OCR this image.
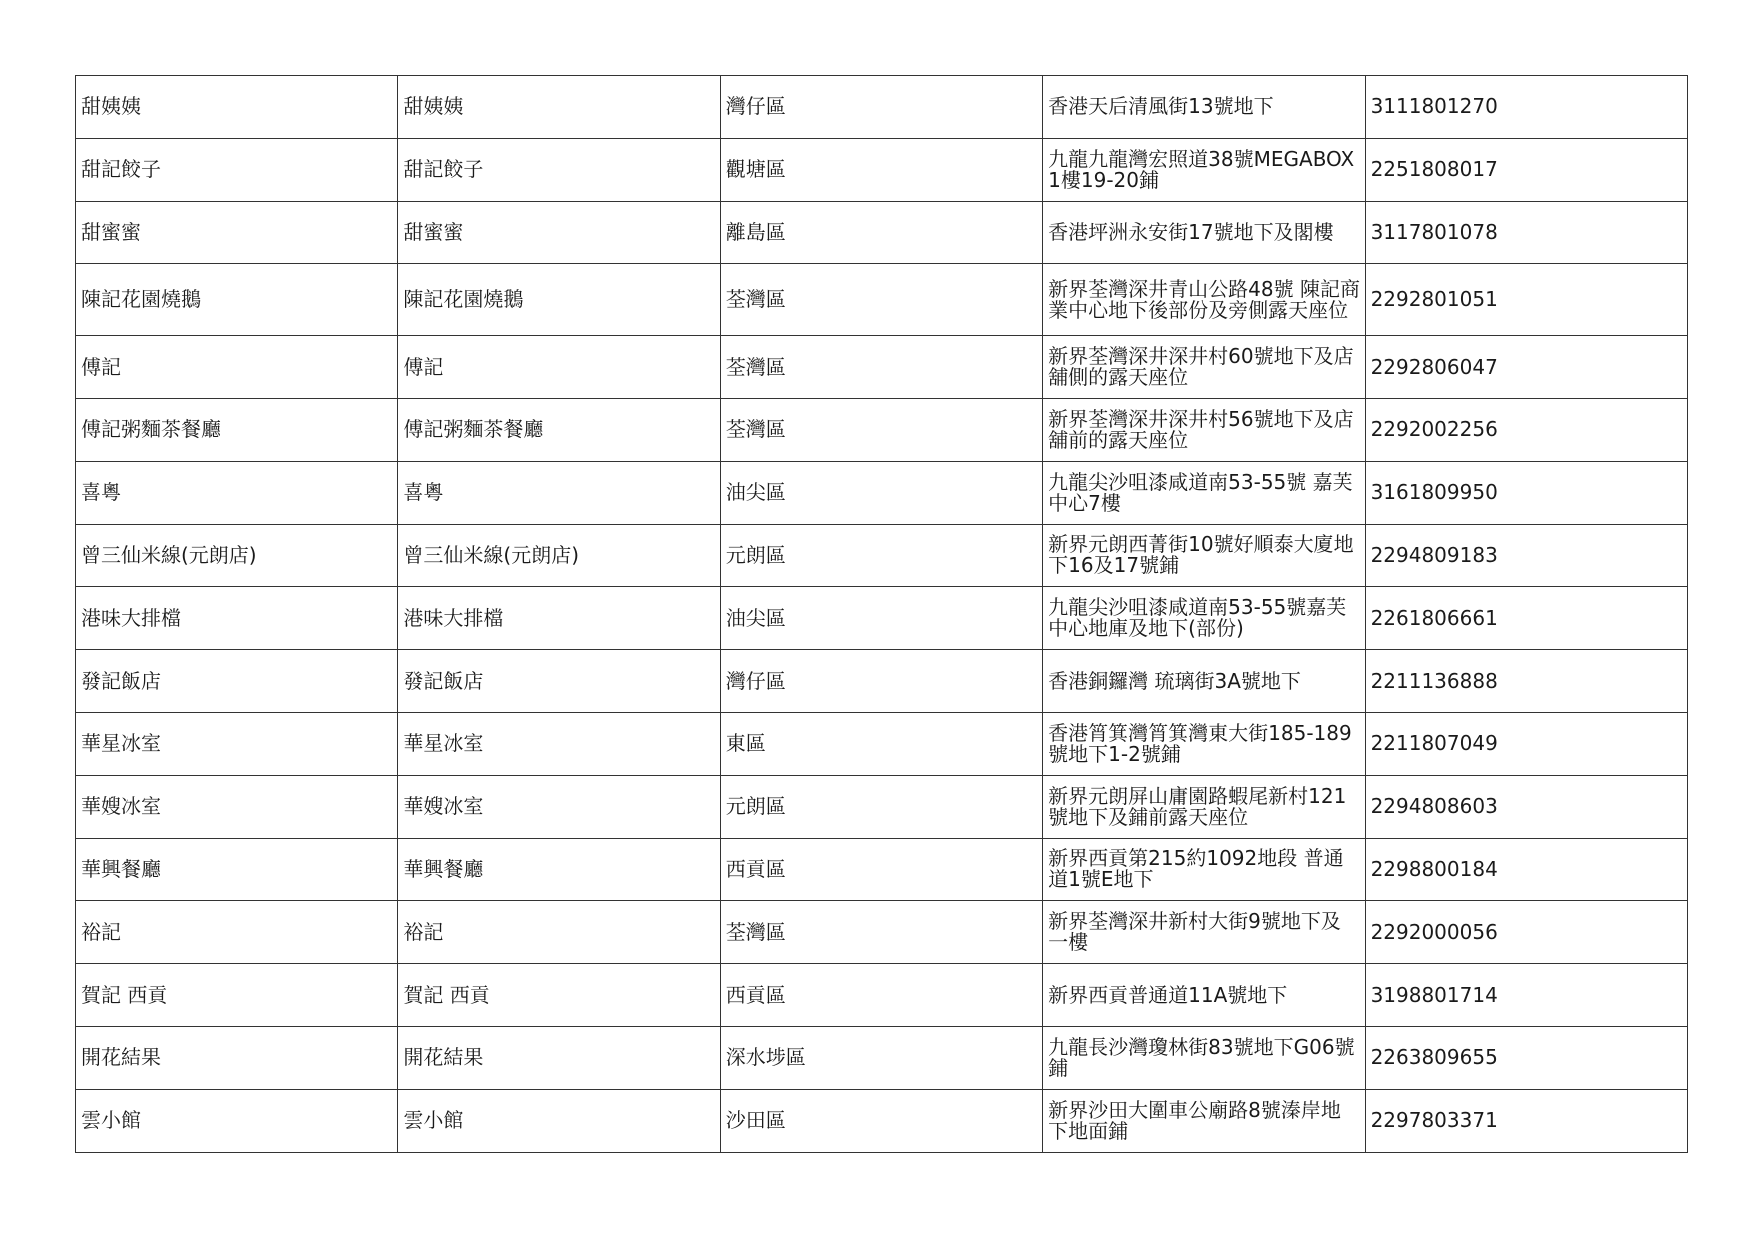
甜姨姨	甜姨姨	灣仔區	香港天后清風街13號地下	3111801270
甜記餃子	甜記餃子	觀塘區	九龍九龍灣宏照道38號MEGABOX1樓19-20鋪	2251808017
甜蜜蜜	甜蜜蜜	離島區	香港坪洲永安街17號地下及閣樓	3117801078
陳記花園燒鵝	陳記花園燒鵝	荃灣區	新界荃灣深井青山公路48號 陳記商業中心地下後部份及旁側露天座位	2292801051
傅記	傅記	荃灣區	新界荃灣深井深井村60號地下及店舖側的露天座位	2292806047
傅記粥麵茶餐廳	傅記粥麵茶餐廳	荃灣區	新界荃灣深井深井村56號地下及店舖前的露天座位	2292002256
喜粵	喜粵	油尖區	九龍尖沙咀漆咸道南53-55號 嘉芙中心7樓	3161809950
曾三仙米線(元朗店)	曾三仙米線(元朗店)	元朗區	新界元朗西菁街10號好順泰大廈地下16及17號鋪	2294809183
港味大排檔	港味大排檔	油尖區	九龍尖沙咀漆咸道南53-55號嘉芙中心地庫及地下(部份)	2261806661
發記飯店	發記飯店	灣仔區	香港銅鑼灣 琉璃街3A號地下	2211136888
華星冰室	華星冰室	東區	香港筲箕灣筲箕灣東大街185-189號地下1-2號鋪	2211807049
華嫂冰室	華嫂冰室	元朗區	新界元朗屏山庸園路蝦尾新村121號地下及鋪前露天座位	2294808603
華興餐廳	華興餐廳	西貢區	新界西貢第215約1092地段 普通道1號E地下	2298800184
裕記	裕記	荃灣區	新界荃灣深井新村大街9號地下及一樓	2292000056
賀記 西貢	賀記 西貢	西貢區	新界西貢普通道11A號地下	3198801714
開花結果	開花結果	深水埗區	九龍長沙灣瓊林街83號地下G06號鋪	2263809655
雲小館	雲小館	沙田區	新界沙田大圍車公廟路8號溱岸地下地面鋪	2297803371
